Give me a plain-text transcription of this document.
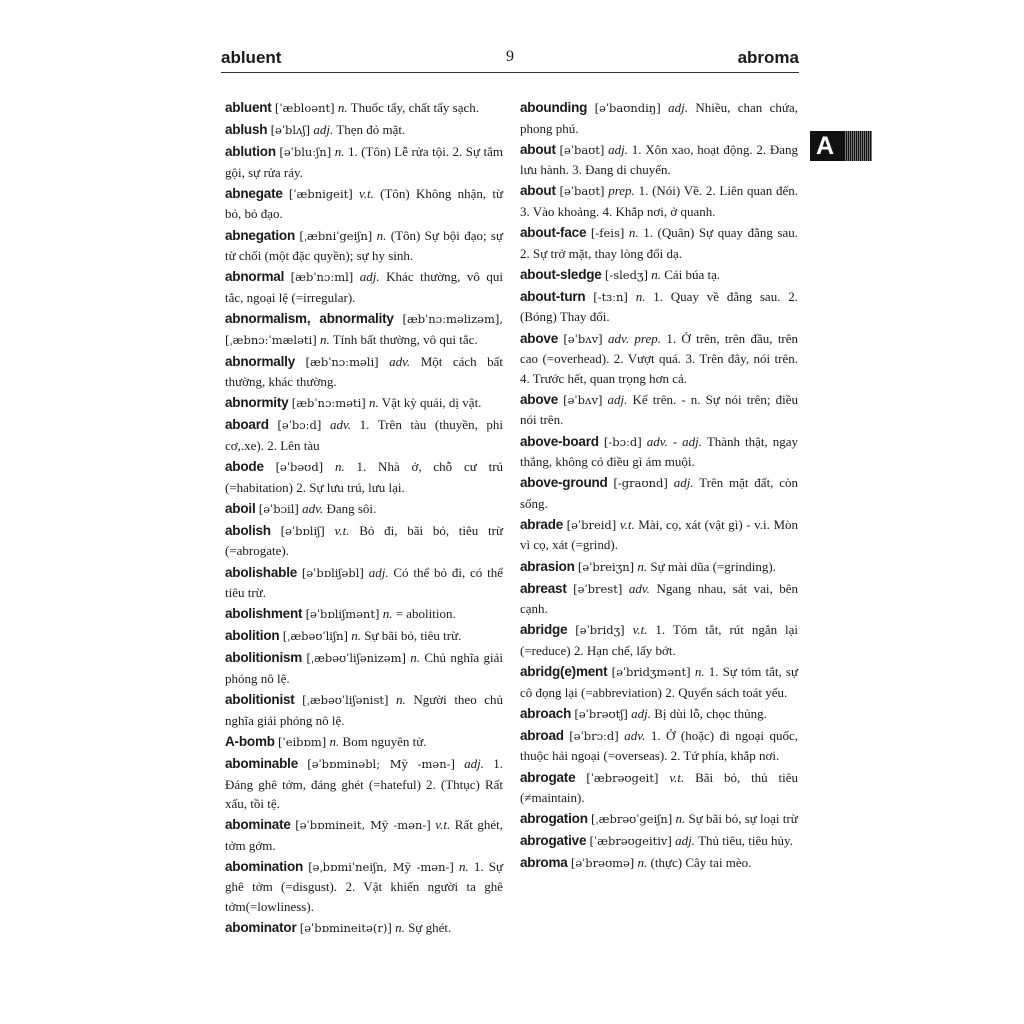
abluent	9	abroma
A

abluent [ˈæbloənt] n. Thuốc tẩy, chất tẩy sạch.

ablush [əˈblʌʃ] adj. Thẹn đỏ mặt.

ablution [əˈbluːʃn] n. 1. (Tôn) Lễ rửa tội. 2. Sự tắm gội, sự rửa ráy.

abnegate [ˈæbnigeit] v.t. (Tôn) Không nhận, từ bỏ, bỏ đạo.

abnegation [ˌæbniˈgeiʃn] n. (Tôn) Sự bội đạo; sự từ chối (một đặc quyền); sự hy sinh.

abnormal [æbˈnɔːml] adj. Khác thường, vô qui tắc, ngoại lệ (=irregular).

abnormalism, abnormality [æbˈnɔːməlizəm], [ˌæbnɔːˈmæləti] n. Tính bất thường, vô qui tắc.

abnormally [æbˈnɔːməli] adv. Một cách bất thường, khác thường.

abnormity [æbˈnɔːməti] n. Vật kỳ quái, dị vật.

aboard [əˈbɔːd] adv. 1. Trên tàu (thuyền, phi cơ,.xe). 2. Lên tàu

abode [əˈbəʊd] n. 1. Nhà ở, chỗ cư trú (=habitation) 2. Sự lưu trú, lưu lại.

aboil [əˈbɔil] adv. Đang sôi.

abolish [əˈbɒliʃ] v.t. Bỏ đi, bãi bỏ, tiêu trừ (=abrogate).

abolishable [əˈbɒliʃəbl] adj. Có thể bỏ đi, có thể tiêu trừ.

abolishment [əˈbɒliʃmənt] n. = abolition.

abolition [ˌæbəʊˈliʃn] n. Sự bãi bỏ, tiêu trừ.

abolitionism [ˌæbəʊˈliʃənizəm] n. Chủ nghĩa giải phóng nô lệ.

abolitionist [ˌæbəʊˈliʃənist] n. Người theo chủ nghĩa giải phóng nô lệ.

A-bomb [ˈeibɒm] n. Bom nguyên tử.

abominable [əˈbɒminəbl; Mỹ -mən-] adj. 1. Đáng ghê tởm, đáng ghét (=hateful) 2. (Thtục) Rất xấu, tồi tệ.

abominate [əˈbɒmineit, Mỹ -mən-] v.t. Rất ghét, tởm gớm.

abomination [əˌbɒmiˈneiʃn, Mỹ -mən-] n. 1. Sự ghê tởm (=disgust). 2. Vật khiến người ta ghê tởm(=lowliness).

abominator [əˈbɒmineitə(r)] n. Sự ghét.

abounding [əˈbaʊndiŋ] adj. Nhiều, chan chứa, phong phú.

about [əˈbaʊt] adj. 1. Xôn xao, hoạt động. 2. Đang lưu hành. 3. Đang di chuyển.

about [əˈbaʊt] prep. 1. (Nói) Về. 2. Liên quan đến. 3. Vào khoảng. 4. Khắp nơi, ở quanh.

about-face [-feis] n. 1. (Quân) Sự quay đằng sau. 2. Sự trở mặt, thay lòng đổi dạ.

about-sledge [-sledʒ] n. Cái búa tạ.

about-turn [-tɜːn] n. 1. Quay về đằng sau. 2. (Bóng) Thay đổi.

above [əˈbʌv] adv. prep. 1. Ở trên, trên đầu, trên cao (=overhead). 2. Vượt quá. 3. Trên đây, nói trên. 4. Trước hết, quan trọng hơn cả.

above [əˈbʌv] adj. Kể trên. - n. Sự nói trên; điều nói trên.

above-board [-bɔːd] adv. - adj. Thành thật, ngay thẳng, không có điều gì ám muội.

above-ground [-graʊnd] adj. Trên mặt đất, còn sống.

abrade [əˈbreid] v.t. Mài, cọ, xát (vật gì) - v.i. Mòn vì cọ, xát (=grind).

abrasion [əˈbreiʒn] n. Sự mài dũa (=grinding).

abreast [əˈbrest] adv. Ngang nhau, sát vai, bên cạnh.

abridge [əˈbridʒ] v.t. 1. Tóm tắt, rút ngắn lại (=reduce) 2. Hạn chế, lấy bớt.

abridg(e)ment [əˈbridʒmənt] n. 1. Sự tóm tắt, sự cô đọng lại (=abbreviation) 2. Quyển sách toát yếu.

abroach [əˈbrəʊtʃ] adj. Bị dùi lỗ, chọc thủng.

abroad [əˈbrɔːd] adv. 1. Ở (hoặc) đi ngoại quốc, thuộc hải ngoại (=overseas). 2. Tứ phía, khắp nơi.

abrogate [ˈæbrəʊgeit] v.t. Bãi bỏ, thủ tiêu (≠maintain).

abrogation [ˌæbrəʊˈgeiʃn] n. Sự bãi bỏ, sự loại trừ

abrogative [ˈæbrəʊgeitiv] adj. Thủ tiêu, tiêu hủy.

abroma [əˈbrəʊmə] n. (thực) Cây tai mèo.
